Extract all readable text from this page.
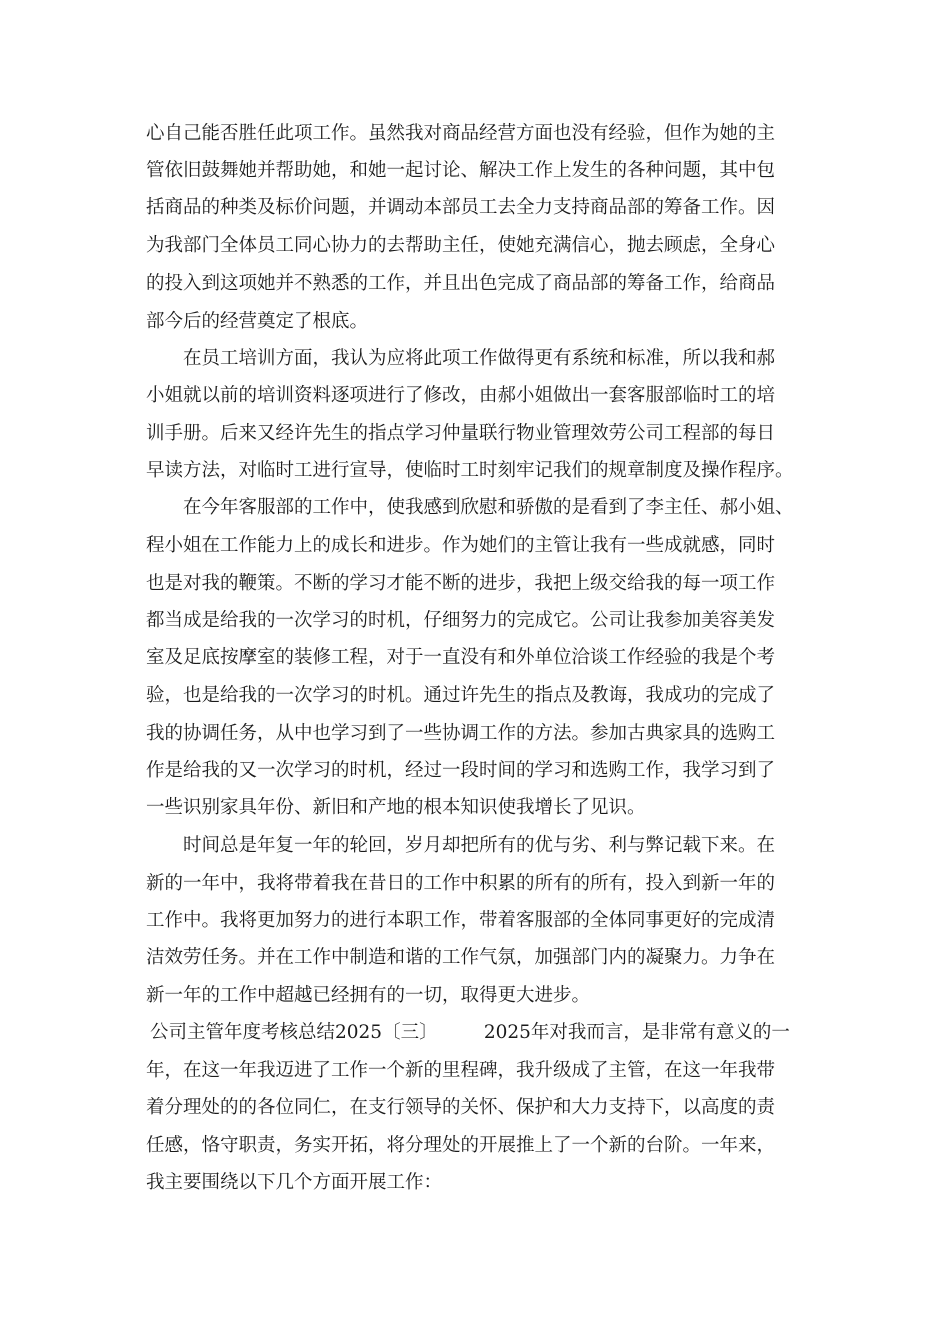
心自己能否胜任此项工作。虽然我对商品经营方面也没有经验，但作为她的主
管依旧鼓舞她并帮助她，和她一起讨论、解决工作上发生的各种问题，其中包
括商品的种类及标价问题，并调动本部员工去全力支持商品部的筹备工作。因
为我部门全体员工同心协力的去帮助主任，使她充满信心，抛去顾虑，全身心
的投入到这项她并不熟悉的工作，并且出色完成了商品部的筹备工作，给商品
部今后的经营奠定了根底。
　　在员工培训方面，我认为应将此项工作做得更有系统和标准，所以我和郝
小姐就以前的培训资料逐项进行了修改，由郝小姐做出一套客服部临时工的培
训手册。后来又经许先生的指点学习仲量联行物业管理效劳公司工程部的每日
早读方法，对临时工进行宣导，使临时工时刻牢记我们的规章制度及操作程序。
　　在今年客服部的工作中，使我感到欣慰和骄傲的是看到了李主任、郝小姐、
程小姐在工作能力上的成长和进步。作为她们的主管让我有一些成就感，同时
也是对我的鞭策。不断的学习才能不断的进步，我把上级交给我的每一项工作
都当成是给我的一次学习的时机，仔细努力的完成它。公司让我参加美容美发
室及足底按摩室的装修工程，对于一直没有和外单位洽谈工作经验的我是个考
验，也是给我的一次学习的时机。通过许先生的指点及教诲，我成功的完成了
我的协调任务，从中也学习到了一些协调工作的方法。参加古典家具的选购工
作是给我的又一次学习的时机，经过一段时间的学习和选购工作，我学习到了
一些识别家具年份、新旧和产地的根本知识使我增长了见识。
　　时间总是年复一年的轮回，岁月却把所有的优与劣、利与弊记载下来。在
新的一年中，我将带着我在昔日的工作中积累的所有的所有，投入到新一年的
工作中。我将更加努力的进行本职工作，带着客服部的全体同事更好的完成清
洁效劳任务。并在工作中制造和谐的工作气氛，加强部门内的凝聚力。力争在
新一年的工作中超越已经拥有的一切，取得更大进步。
公司主管年度考核总结2025〔三〕　　　2025年对我而言，是非常有意义的一
年，在这一年我迈进了工作一个新的里程碑，我升级成了主管，在这一年我带
着分理处的的各位同仁，在支行领导的关怀、保护和大力支持下，以高度的责
任感，恪守职责，务实开拓，将分理处的开展推上了一个新的台阶。一年来，
我主要围绕以下几个方面开展工作：
